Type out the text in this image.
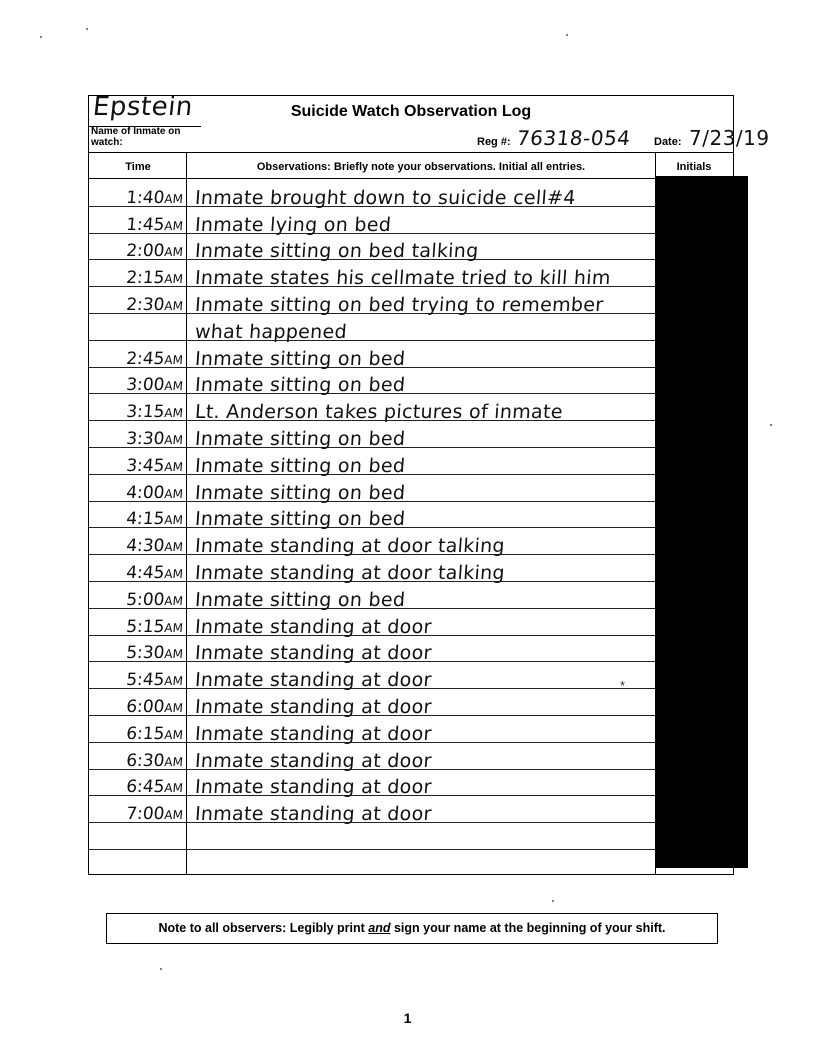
Epstein	Suicide Watch Observation Log
Name of Inmate on watch:	Reg #: 76318-054 Date: 7/23/19
Time	Observations: Briefly note your observations. Initial all entries.	Initials
1:40AM Inmate brought down to suicide cell#4
1:45AM Inmate lying on bed
2:00AM Inmate sitting on bed talking
2:15AM Inmate states his cellmate tried to kill him
2:30AM Inmate sitting on bed trying to remember
what happened
2:45AM Inmate sitting on bed
3:00AM Inmate sitting on bed
3:15AM Lt. Anderson takes pictures of inmate
3:30AM Inmate sitting on bed
3:45AM Inmate sitting on bed
4:00AM Inmate sitting on bed
4:15AM Inmate sitting on bed
4:30AM Inmate standing at door talking
4:45AM Inmate standing at door talking
5:00AM Inmate sitting on bed
5:15AM Inmate standing at door
5:30AM Inmate standing at door
5:45AM Inmate standing at door
6:00AM Inmate standing at door
6:15AM Inmate standing at door
6:30AM Inmate standing at door
6:45AM Inmate standing at door
7:00AM Inmate standing at door
*
Note to all observers: Legibly print and sign your name at the beginning of your shift.
1
